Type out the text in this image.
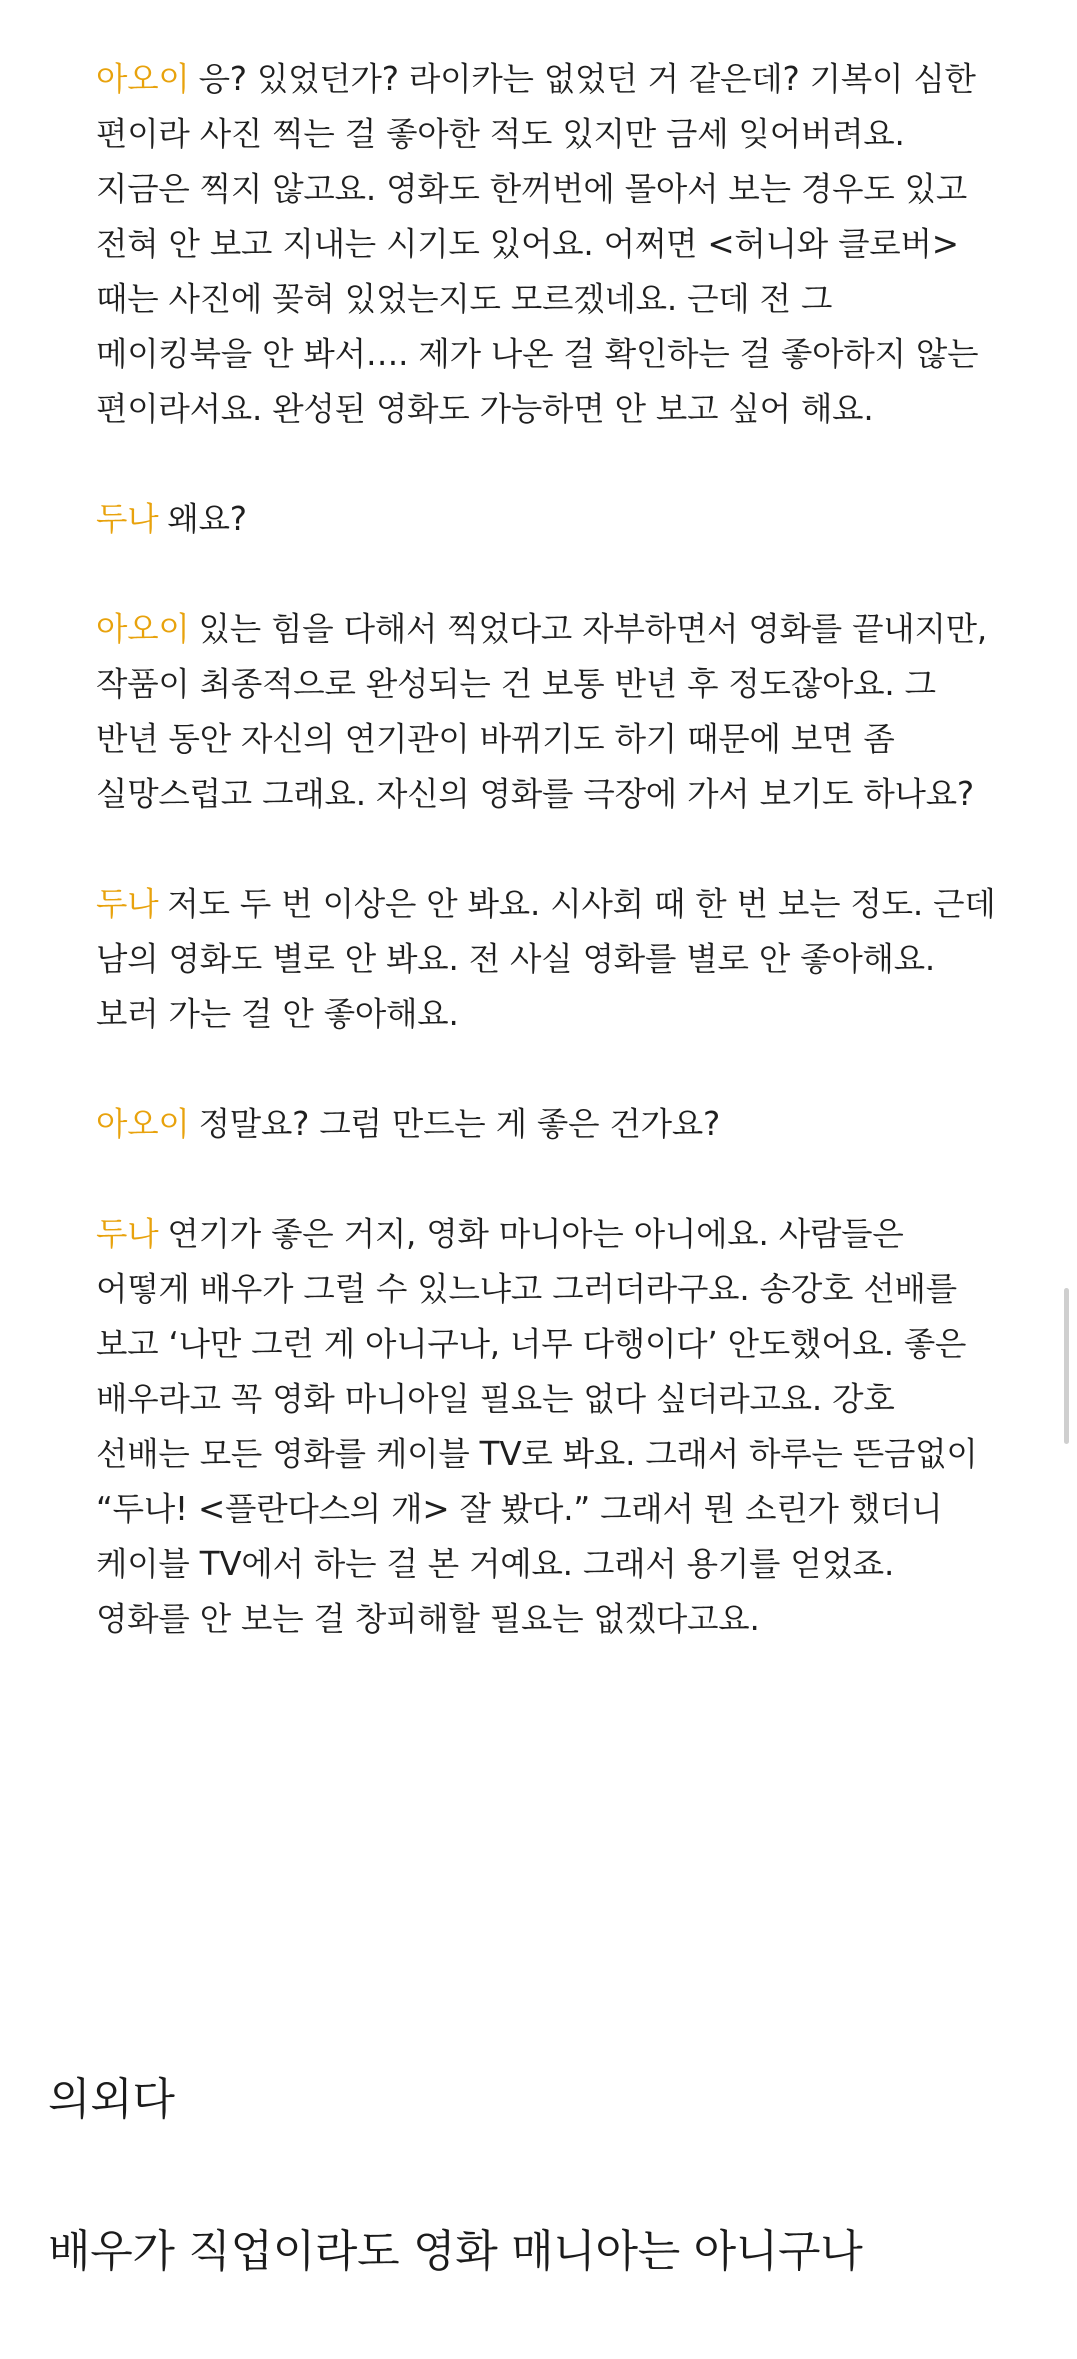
아오이 응? 있었던가? 라이카는 없었던 거 같은데? 기복이 심한 편이라 사진 찍는 걸 좋아한 적도 있지만 금세 잊어버려요. 지금은 찍지 않고요. 영화도 한꺼번에 몰아서 보는 경우도 있고 전혀 안 보고 지내는 시기도 있어요. 어쩌면 <허니와 클로버> 때는 사진에 꽂혀 있었는지도 모르겠네요. 근데 전 그 메이킹북을 안 봐서…. 제가 나온 걸 확인하는 걸 좋아하지 않는 편이라서요. 완성된 영화도 가능하면 안 보고 싶어 해요.

두나 왜요?

아오이 있는 힘을 다해서 찍었다고 자부하면서 영화를 끝내지만, 작품이 최종적으로 완성되는 건 보통 반년 후 정도잖아요. 그 반년 동안 자신의 연기관이 바뀌기도 하기 때문에 보면 좀 실망스럽고 그래요. 자신의 영화를 극장에 가서 보기도 하나요?

두나 저도 두 번 이상은 안 봐요. 시사회 때 한 번 보는 정도. 근데 남의 영화도 별로 안 봐요. 전 사실 영화를 별로 안 좋아해요. 보러 가는 걸 안 좋아해요.

아오이 정말요? 그럼 만드는 게 좋은 건가요?

두나 연기가 좋은 거지, 영화 마니아는 아니에요. 사람들은 어떻게 배우가 그럴 수 있느냐고 그러더라구요. 송강호 선배를 보고 ‘나만 그런 게 아니구나, 너무 다행이다’ 안도했어요. 좋은 배우라고 꼭 영화 마니아일 필요는 없다 싶더라고요. 강호 선배는 모든 영화를 케이블 TV로 봐요. 그래서 하루는 뜬금없이 “두나! <플란다스의 개> 잘 봤다.” 그래서 뭔 소린가 했더니 케이블 TV에서 하는 걸 본 거예요. 그래서 용기를 얻었죠. 영화를 안 보는 걸 창피해할 필요는 없겠다고요.

의외다

배우가 직업이라도 영화 매니아는 아니구나
